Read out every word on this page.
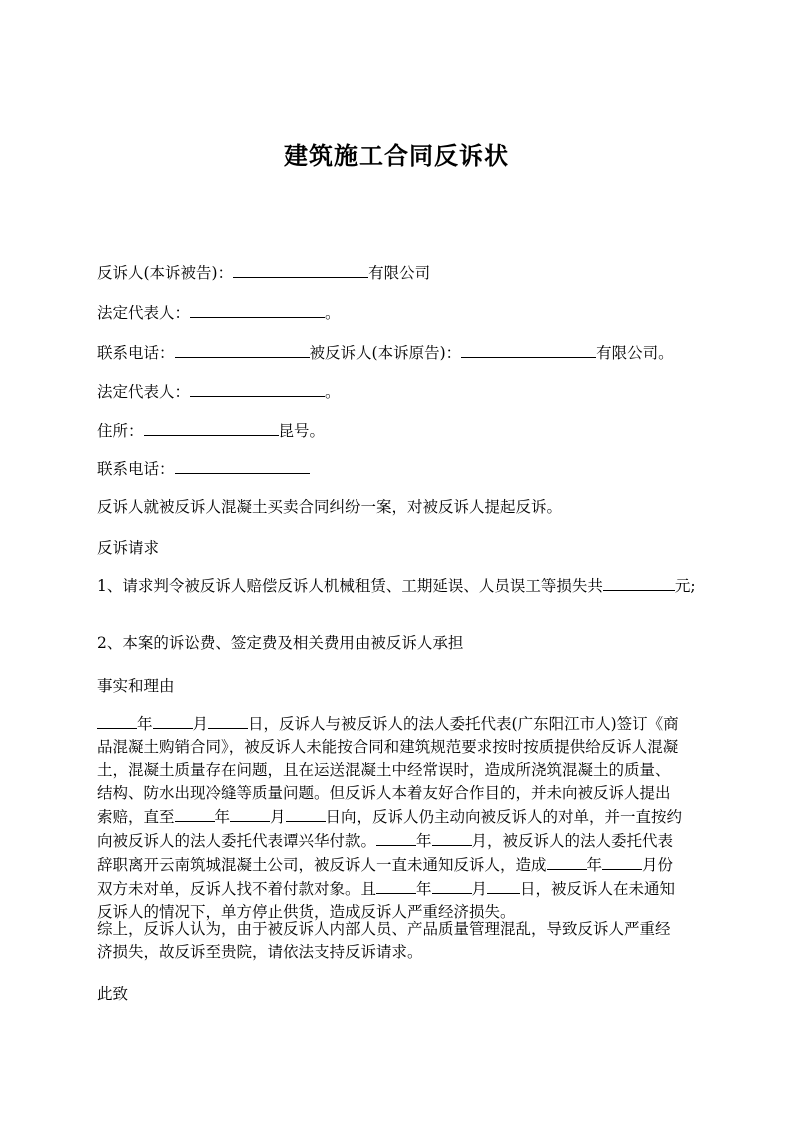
建筑施工合同反诉状
反诉人(本诉被告)：	有限公司
法定代表人：	。
联系电话：	被反诉人(本诉原告)：	有限公司。
法定代表人：	。
住所：	昆号。
联系电话：
反诉人就被反诉人混凝土买卖合同纠纷一案，对被反诉人提起反诉。
反诉请求
1、请求判令被反诉人赔偿反诉人机械租赁、工期延误、人员误工等损失共	元;
2、本案的诉讼费、签定费及相关费用由被反诉人承担
事实和理由
年	月	日，反诉人与被反诉人的法人委托代表(广东阳江市人)签订《商
品混凝土购销合同》，被反诉人未能按合同和建筑规范要求按时按质提供给反诉人混凝
土，混凝土质量存在问题，且在运送混凝土中经常误时，造成所浇筑混凝土的质量、
结构、防水出现冷缝等质量问题。但反诉人本着友好合作目的，并未向被反诉人提出
索赔，直至	年	月	日向，反诉人仍主动向被反诉人的对单，并一直按约
向被反诉人的法人委托代表谭兴华付款。	年	月，被反诉人的法人委托代表
辞职离开云南筑城混凝土公司，被反诉人一直未通知反诉人，造成	年	月份
双方未对单，反诉人找不着付款对象。且	年	月 日，被反诉人在未通知
反诉人的情况下，单方停止供货，造成反诉人严重经济损失。
综上，反诉人认为，由于被反诉人内部人员、产品质量管理混乱，导致反诉人严重经
济损失，故反诉至贵院，请依法支持反诉请求。
此致
